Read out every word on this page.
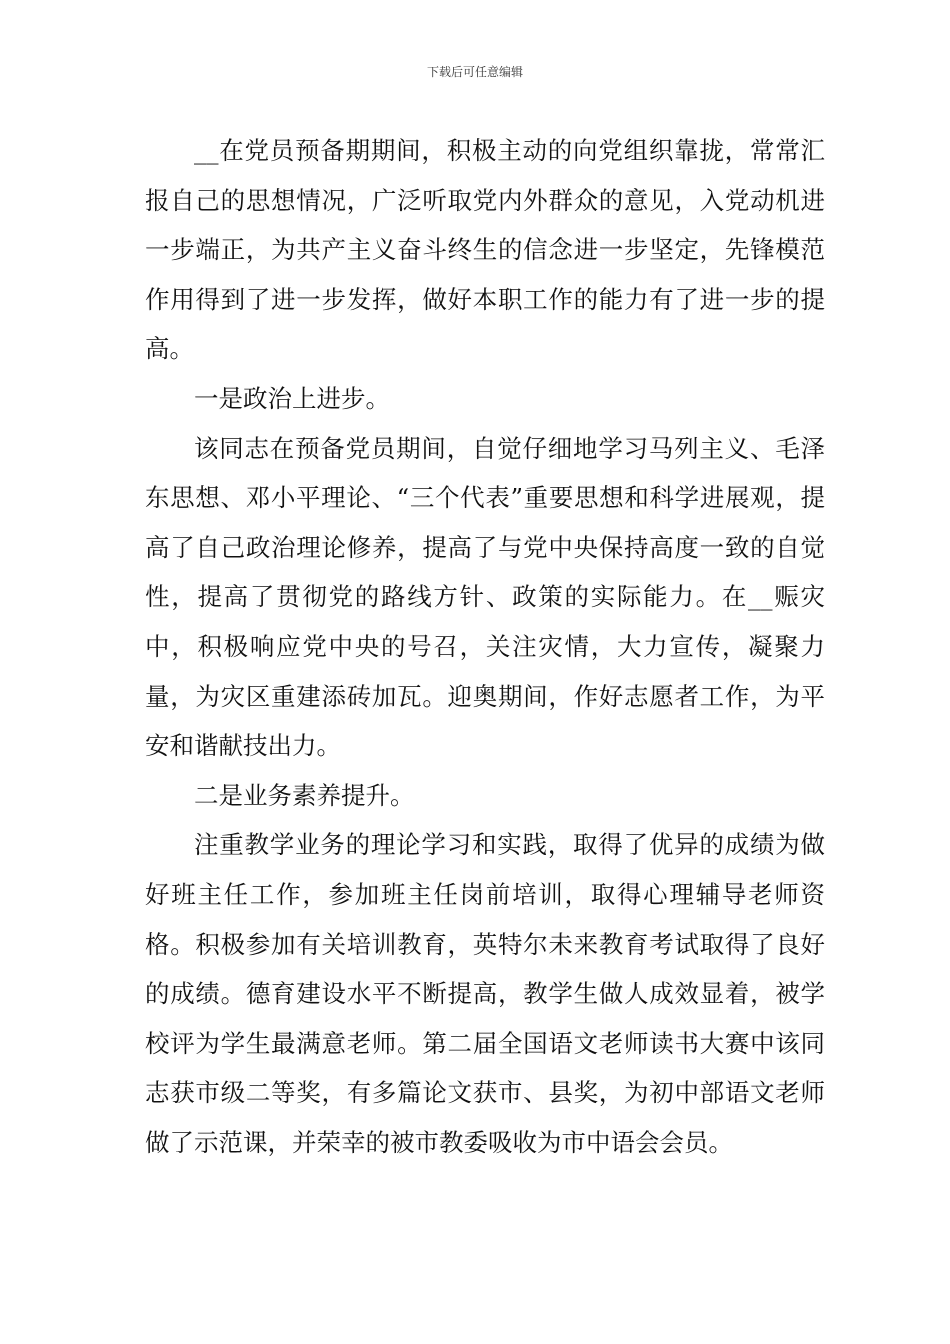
下载后可任意编辑

__在党员预备期期间，积极主动的向党组织靠拢，常常汇报自己的思想情况，广泛听取党内外群众的意见，入党动机进一步端正，为共产主义奋斗终生的信念进一步坚定，先锋模范作用得到了进一步发挥，做好本职工作的能力有了进一步的提高。

一是政治上进步。

该同志在预备党员期间，自觉仔细地学习马列主义、毛泽东思想、邓小平理论、“三个代表”重要思想和科学进展观，提高了自己政治理论修养，提高了与党中央保持高度一致的自觉性，提高了贯彻党的路线方针、政策的实际能力。在__赈灾中，积极响应党中央的号召，关注灾情，大力宣传，凝聚力量，为灾区重建添砖加瓦。迎奥期间，作好志愿者工作，为平安和谐献技出力。

二是业务素养提升。

注重教学业务的理论学习和实践，取得了优异的成绩为做好班主任工作，参加班主任岗前培训，取得心理辅导老师资格。积极参加有关培训教育，英特尔未来教育考试取得了良好的成绩。德育建设水平不断提高，教学生做人成效显着，被学校评为学生最满意老师。第二届全国语文老师读书大赛中该同志获市级二等奖，有多篇论文获市、县奖，为初中部语文老师做了示范课，并荣幸的被市教委吸收为市中语会会员。
